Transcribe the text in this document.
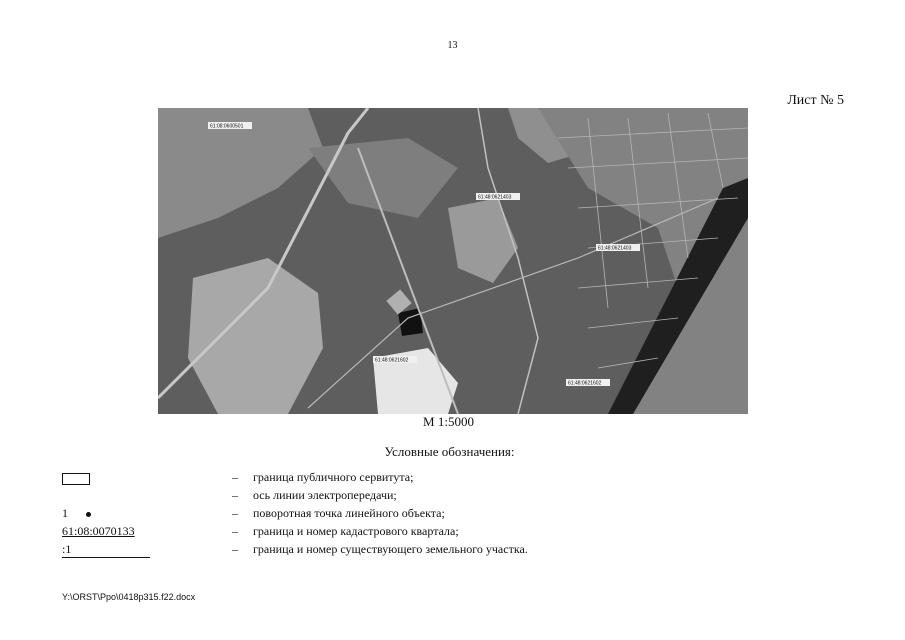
13
Лист № 5
61:08:0600501
61:48:0621403
61:48:0621403
61:48:0621602
61:48:0621602
М 1:5000
Условные обозначения:
– граница публичного сервитута;
– ось линии электропередачи;
1	– поворотная точка линейного объекта;
61:08:0070133	– граница и номер кадастрового квартала;
:1	– граница и номер существующего земельного участка.
Y:\ORST\Ppo\0418p315.f22.docx
